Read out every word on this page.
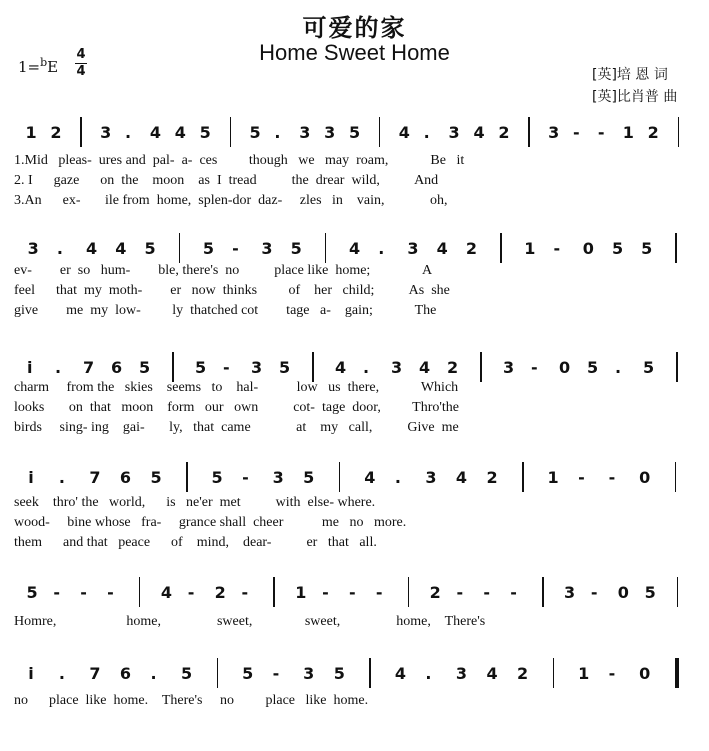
可爱的家
Home Sweet Home
1=$^b$E
4
4	[英]培 恩 词
[英]比肖普 曲
1 2 3 . 4 4 5 5 . 3 3 5 4 . 3 4 2 3 - - 1 2
1.Mid   pleas-  ures and  pal-  a-  ces         though   we   may  roam,            Be   it
2. I      gaze      on  the    moon    as  I  tread          the  drear  wild,          And
3.An      ex-       ile from  home,  splen-dor  daz-     zles   in    vain,             oh,
3 . 4 4 5	5 - 3 5	4 . 3 4 2	1 - 0 5 5
ev-        er  so   hum-        ble, there's  no          place like  home;               A
feel      that  my  moth-        er   now  thinks         of    her   child;          As  she
give        me  my  low-         ly  thatched cot        tage   a-    gain;            The
i . 7 6 5	5 - 3 5	4 . 3 4 2	3 - 0 5 . 5
charm     from the   skies    seems   to    hal-           low   us  there,            Which
looks       on  that   moon    form   our   own          cot-  tage  door,         Thro'the
birds     sing- ing    gai-       ly,   that  came             at    my   call,          Give  me
i . 7 6 5	5 - 3 5	4 . 3 4 2	1 - - 0
seek    thro' the   world,      is   ne'er  met          with  else- where.
wood-     bine whose   fra-     grance shall  cheer           me   no   more.
them      and that   peace      of    mind,    dear-          er   that   all.
5 - - -	4 - 2 -	1 - - -	2 - - -	3 - 0 5
Homre,                    home,                sweet,               sweet,                home,    There's
i . 7 6 . 5	5 - 3 5	4 . 3 4 2	1 - 0
no      place  like  home.    There's     no         place   like  home.
